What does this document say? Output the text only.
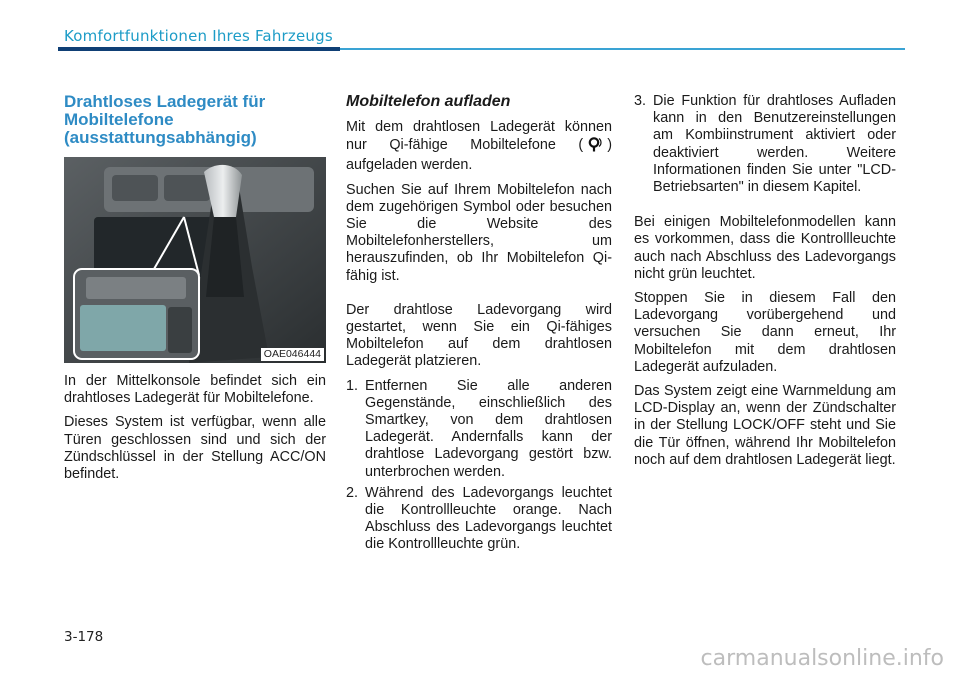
Komfortfunktionen Ihres Fahrzeugs
Drahtloses Ladegerät für Mobiltelefone (ausstattungsabhängig)
OAE046444

In der Mittelkonsole befindet sich ein drahtloses Ladegerät für Mobiltelefone.

Dieses System ist verfügbar, wenn alle Türen geschlossen sind und sich der Zündschlüssel in der Stellung ACC/ON befindet.

Mobiltelefon aufladen

Mit dem drahtlosen Ladegerät können nur Qi-fähige Mobiltelefone ( ) aufgeladen werden.

Suchen Sie auf Ihrem Mobiltelefon nach dem zugehörigen Symbol oder besuchen Sie die Website des Mobiltelefonherstellers, um herauszufinden, ob Ihr Mobiltelefon Qi-fähig ist.

Der drahtlose Ladevorgang wird gestartet, wenn Sie ein Qi-fähiges Mobiltelefon auf dem drahtlosen Ladegerät platzieren.

1. Entfernen Sie alle anderen Gegenstände, einschließlich des Smartkey, von dem drahtlosen Ladegerät. Andernfalls kann der drahtlose Ladevorgang gestört bzw. unterbrochen werden.
2. Während des Ladevorgangs leuchtet die Kontrollleuchte orange. Nach Abschluss des Ladevorgangs leuchtet die Kontrollleuchte grün.
3. Die Funktion für drahtloses Aufladen kann in den Benutzereinstellungen am Kombiinstrument aktiviert oder deaktiviert werden. Weitere Informationen finden Sie unter "LCD-Betriebsarten" in diesem Kapitel.

Bei einigen Mobiltelefonmodellen kann es vorkommen, dass die Kontrollleuchte auch nach Abschluss des Ladevorgangs nicht grün leuchtet.

Stoppen Sie in diesem Fall den Ladevorgang vorübergehend und versuchen Sie dann erneut, Ihr Mobiltelefon mit dem drahtlosen Ladegerät aufzuladen.

Das System zeigt eine Warnmeldung am LCD-Display an, wenn der Zündschalter in der Stellung LOCK/OFF steht und Sie die Tür öffnen, während Ihr Mobiltelefon noch auf dem drahtlosen Ladegerät liegt.

3-178
carmanualsonline.info
